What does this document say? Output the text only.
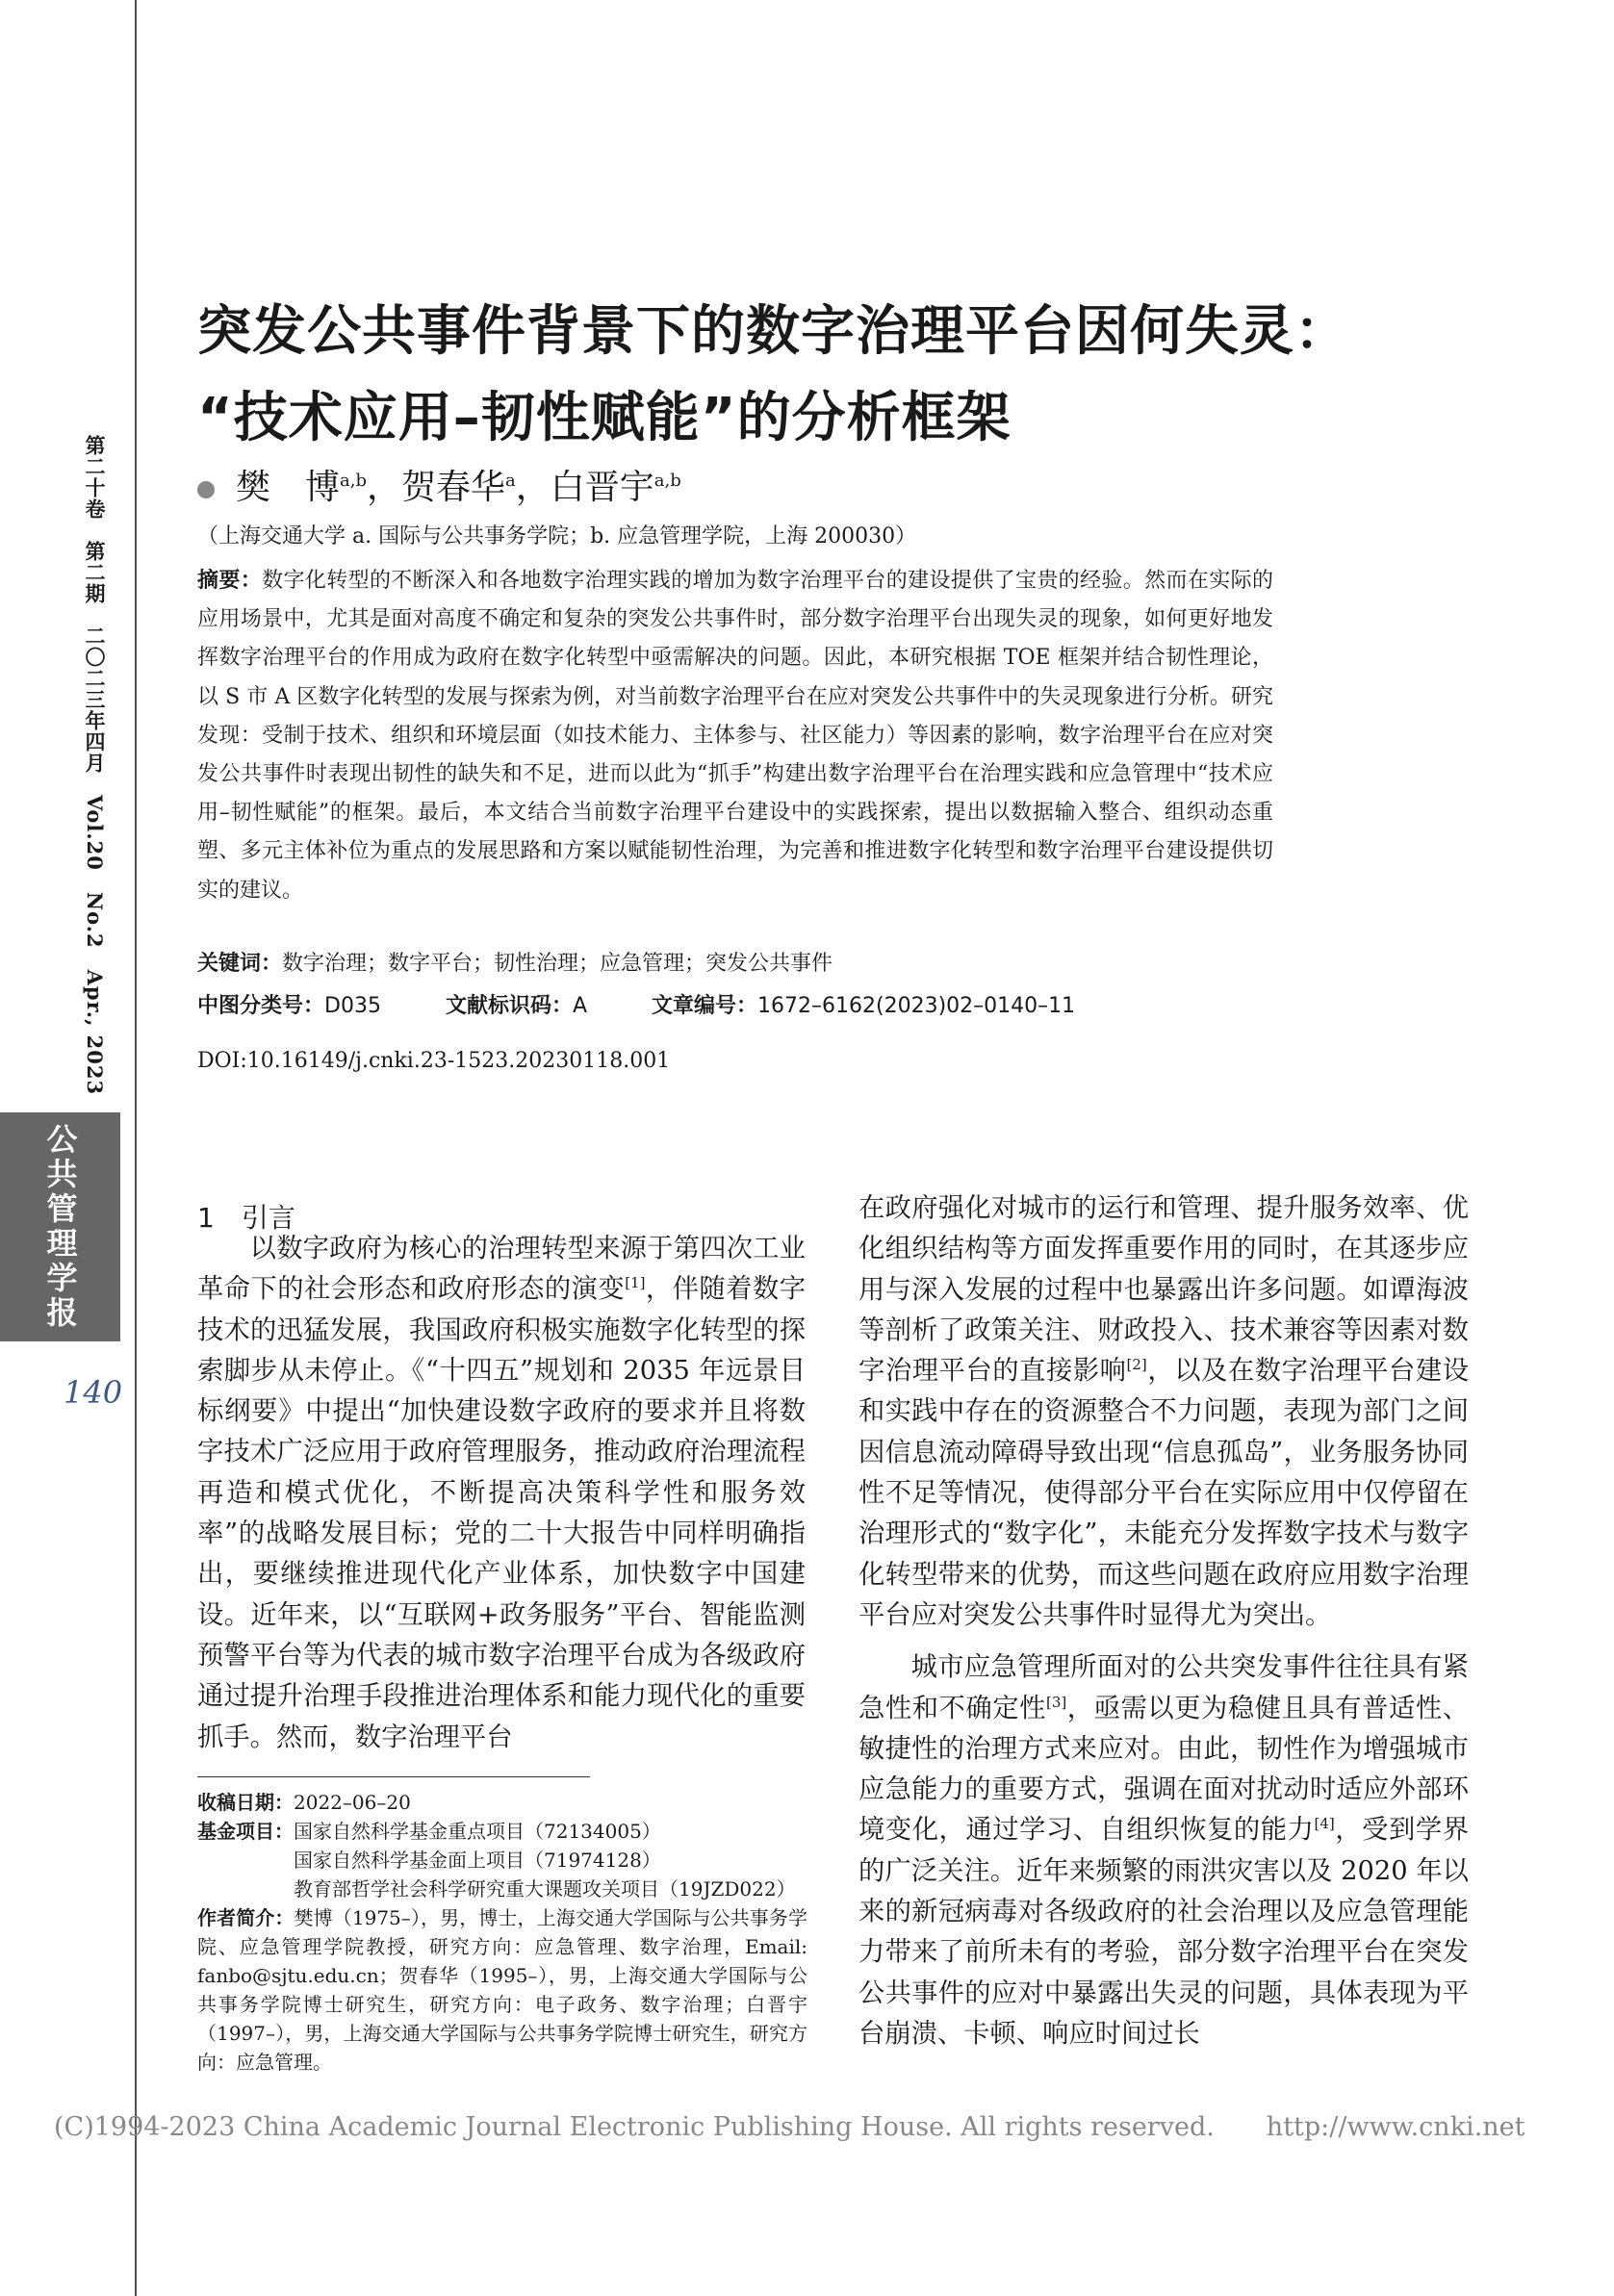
第二十卷　第二期　二〇二三年四月　Vol.20　No.2　Apr., 2023
公共管理学报
140
突发公共事件背景下的数字治理平台因何失灵：
“技术应用–韧性赋能”的分析框架
樊　博$^{a,b}$，贺春华$^a$，白晋宇$^{a,b}$
（上海交通大学 a. 国际与公共事务学院；b. 应急管理学院，上海 200030）
摘要：数字化转型的不断深入和各地数字治理实践的增加为数字治理平台的建设提供了宝贵的经验。然而在实际的应用场景中，尤其是面对高度不确定和复杂的突发公共事件时，部分数字治理平台出现失灵的现象，如何更好地发挥数字治理平台的作用成为政府在数字化转型中亟需解决的问题。因此，本研究根据 TOE 框架并结合韧性理论，以 S 市 A 区数字化转型的发展与探索为例，对当前数字治理平台在应对突发公共事件中的失灵现象进行分析。研究发现：受制于技术、组织和环境层面（如技术能力、主体参与、社区能力）等因素的影响，数字治理平台在应对突发公共事件时表现出韧性的缺失和不足，进而以此为“抓手”构建出数字治理平台在治理实践和应急管理中“技术应用–韧性赋能”的框架。最后，本文结合当前数字治理平台建设中的实践探索，提出以数据输入整合、组织动态重塑、多元主体补位为重点的发展思路和方案以赋能韧性治理，为完善和推进数字化转型和数字治理平台建设提供切实的建议。
关键词：数字治理；数字平台；韧性治理；应急管理；突发公共事件
中图分类号：D035	文献标识码：A	文章编号：1672–6162(2023)02–0140–11
DOI:10.16149/j.cnki.23-1523.20230118.001
1　引言

以数字政府为核心的治理转型来源于第四次工业革命下的社会形态和政府形态的演变[1]，伴随着数字技术的迅猛发展，我国政府积极实施数字化转型的探索脚步从未停止。《“十四五”规划和 2035 年远景目标纲要》中提出“加快建设数字政府的要求并且将数字技术广泛应用于政府管理服务，推动政府治理流程再造和模式优化，不断提高决策科学性和服务效率”的战略发展目标；党的二十大报告中同样明确指出，要继续推进现代化产业体系，加快数字中国建设。近年来，以“互联网+政务服务”平台、智能监测预警平台等为代表的城市数字治理平台成为各级政府通过提升治理手段推进治理体系和能力现代化的重要抓手。然而，数字治理平台

在政府强化对城市的运行和管理、提升服务效率、优化组织结构等方面发挥重要作用的同时，在其逐步应用与深入发展的过程中也暴露出许多问题。如谭海波等剖析了政策关注、财政投入、技术兼容等因素对数字治理平台的直接影响[2]，以及在数字治理平台建设和实践中存在的资源整合不力问题，表现为部门之间因信息流动障碍导致出现“信息孤岛”，业务服务协同性不足等情况，使得部分平台在实际应用中仅停留在治理形式的“数字化”，未能充分发挥数字技术与数字化转型带来的优势，而这些问题在政府应用数字治理平台应对突发公共事件时显得尤为突出。

城市应急管理所面对的公共突发事件往往具有紧急性和不确定性[3]，亟需以更为稳健且具有普适性、敏捷性的治理方式来应对。由此，韧性作为增强城市应急能力的重要方式，强调在面对扰动时适应外部环境变化，通过学习、自组织恢复的能力[4]，受到学界的广泛关注。近年来频繁的雨洪灾害以及 2020 年以来的新冠病毒对各级政府的社会治理以及应急管理能力带来了前所未有的考验，部分数字治理平台在突发公共事件的应对中暴露出失灵的问题，具体表现为平台崩溃、卡顿、响应时间过长

收稿日期：2022–06–20
基金项目：国家自然科学基金重点项目（72134005）
国家自然科学基金面上项目（71974128）
教育部哲学社会科学研究重大课题攻关项目（19JZD022）
作者简介：樊博（1975–），男，博士，上海交通大学国际与公共事务学院、应急管理学院教授，研究方向：应急管理、数字治理，Email: fanbo@sjtu.edu.cn；贺春华（1995–），男，上海交通大学国际与公共事务学院博士研究生，研究方向：电子政务、数字治理；白晋宇（1997–），男，上海交通大学国际与公共事务学院博士研究生，研究方向：应急管理。
(C)1994-2023 China Academic Journal Electronic Publishing House. All rights reserved.　　http://www.cnki.net
